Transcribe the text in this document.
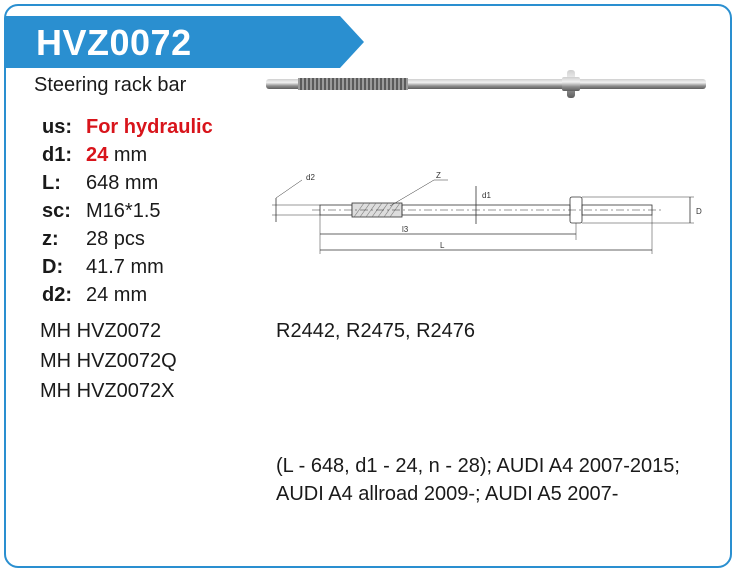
HVZ0072
Steering rack bar
us: For hydraulic
d1: 24 mm
L: 648 mm
sc: M16*1.5
z: 28 pcs
D: 41.7 mm
d2: 24 mm
MH HVZ0072
MH HVZ0072Q
MH HVZ0072X
R2442, R2475, R2476
(L - 648, d1 - 24, n - 28); AUDI A4 2007-2015;
AUDI A4 allroad 2009-; AUDI A5 2007-
d2	Z
d1
D
l3
L
